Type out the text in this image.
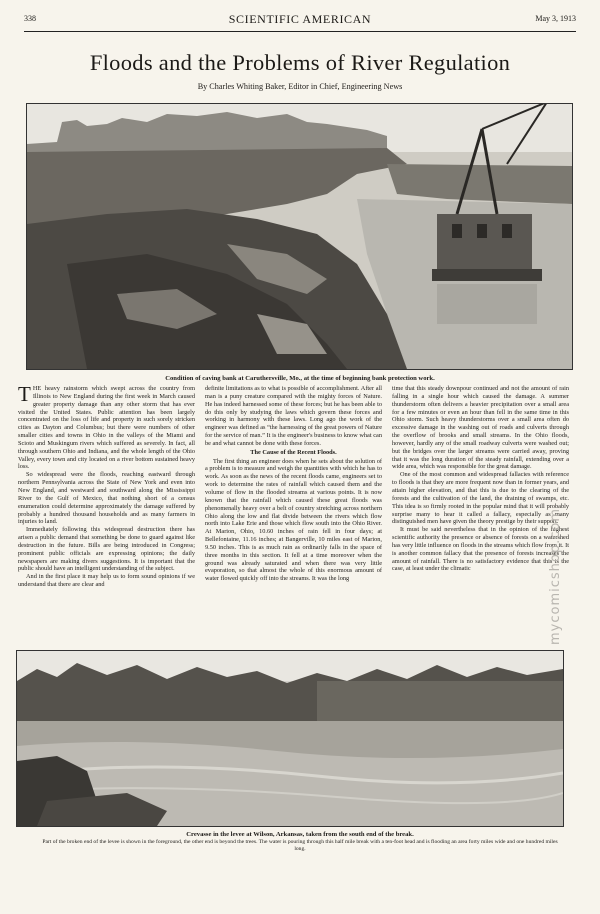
338	SCIENTIFIC AMERICAN	May 3, 1913
Floods and the Problems of River Regulation
By Charles Whiting Baker, Editor in Chief, Engineering News
Condition of caving bank at Caruthersville, Mo., at the time of beginning bank protection work.

THE heavy rainstorm which swept across the country from Illinois to New England during the first week in March caused greater property damage than any other storm that has ever visited the United States. Public attention has been largely concentrated on the loss of life and property in such sorely stricken cities as Dayton and Columbus; but there were numbers of other smaller cities and towns in Ohio in the valleys of the Miami and Scioto and Muskingum rivers which suffered as severely. In fact, all through southern Ohio and Indiana, and the whole length of the Ohio Valley, every town and city located on a river bottom sustained heavy loss.

So widespread were the floods, reaching eastward through northern Pennsylvania across the State of New York and even into New England, and westward and southward along the Mississippi River to the Gulf of Mexico, that nothing short of a census enumeration could determine approximately the damage suffered by probably a hundred thousand households and as many farmers in injuries to land.

Immediately following this widespread destruction there has arisen a public demand that something be done to guard against like destruction in the future. Bills are being introduced in Congress; prominent public officials are expressing opinions; the daily newspapers are making divers suggestions. It is important that the public should have an intelligent understanding of the subject.

And in the first place it may help us to form sound opinions if we understand that there are clear and

definite limitations as to what is possible of accomplishment. After all man is a puny creature compared with the mighty forces of Nature. He has indeed harnessed some of these forces; but he has been able to do this only by studying the laws which govern these forces and working in harmony with these laws. Long ago the work of the engineer was defined as “the harnessing of the great powers of Nature for the service of man.” It is the engineer's business to know what can be and what cannot be done with these forces.

The Cause of the Recent Floods.

The first thing an engineer does when he sets about the solution of a problem is to measure and weigh the quantities with which he has to work. As soon as the news of the recent floods came, engineers set to work to determine the rates of rainfall which caused them and the volume of flow in the flooded streams at various points. It is now known that the rainfall which caused these great floods was phenomenally heavy over a belt of country stretching across northern Ohio along the low and flat divide between the rivers which flow north into Lake Erie and those which flow south into the Ohio River. At Marion, Ohio, 10.60 inches of rain fell in four days; at Bellefontaine, 11.16 inches; at Bangerville, 10 miles east of Marion, 9.50 inches. This is as much rain as ordinarily falls in the space of three months in this section. It fell at a time moreover when the ground was already saturated and when there was very little evaporation, so that almost the whole of this enormous amount of water flowed quickly off into the streams. It was the long

time that this steady downpour continued and not the amount of rain falling in a single hour which caused the damage. A summer thunderstorm often delivers a heavier precipitation over a small area for a few minutes or even an hour than fell in the same time in this Ohio storm. Such heavy thunderstorms over a small area often do excessive damage in the washing out of roads and culverts through the overflow of brooks and small streams. In the Ohio floods, however, hardly any of the small roadway culverts were washed out; but the bridges over the larger streams were carried away, proving that it was the long duration of the steady rainfall, extending over a wide area, which was responsible for the great damage.

One of the most common and widespread fallacies with reference to floods is that they are more frequent now than in former years, and attain higher elevation, and that this is due to the clearing of the forests and the cultivation of the land, the draining of swamps, etc. This idea is so firmly rooted in the popular mind that it will probably surprise many to hear it called a fallacy, especially as many distinguished men have given the theory prestige by their support.

It must be said nevertheless that in the opinion of the highest scientific authority the presence or absence of forests on a watershed has very little influence on floods in the streams which flow from it. It is another common fallacy that the presence of forests increases the amount of rainfall. There is no satisfactory evidence that this is the case, at least under the climatic

Crevasse in the levee at Wilson, Arkansas, taken from the south end of the break.
Part of the broken end of the levee is shown in the foreground, the other end is beyond the trees. The water is pouring through this half mile break with a ten-foot head and is flooding an area forty miles wide and one hundred miles long.
mycomicshop.com
